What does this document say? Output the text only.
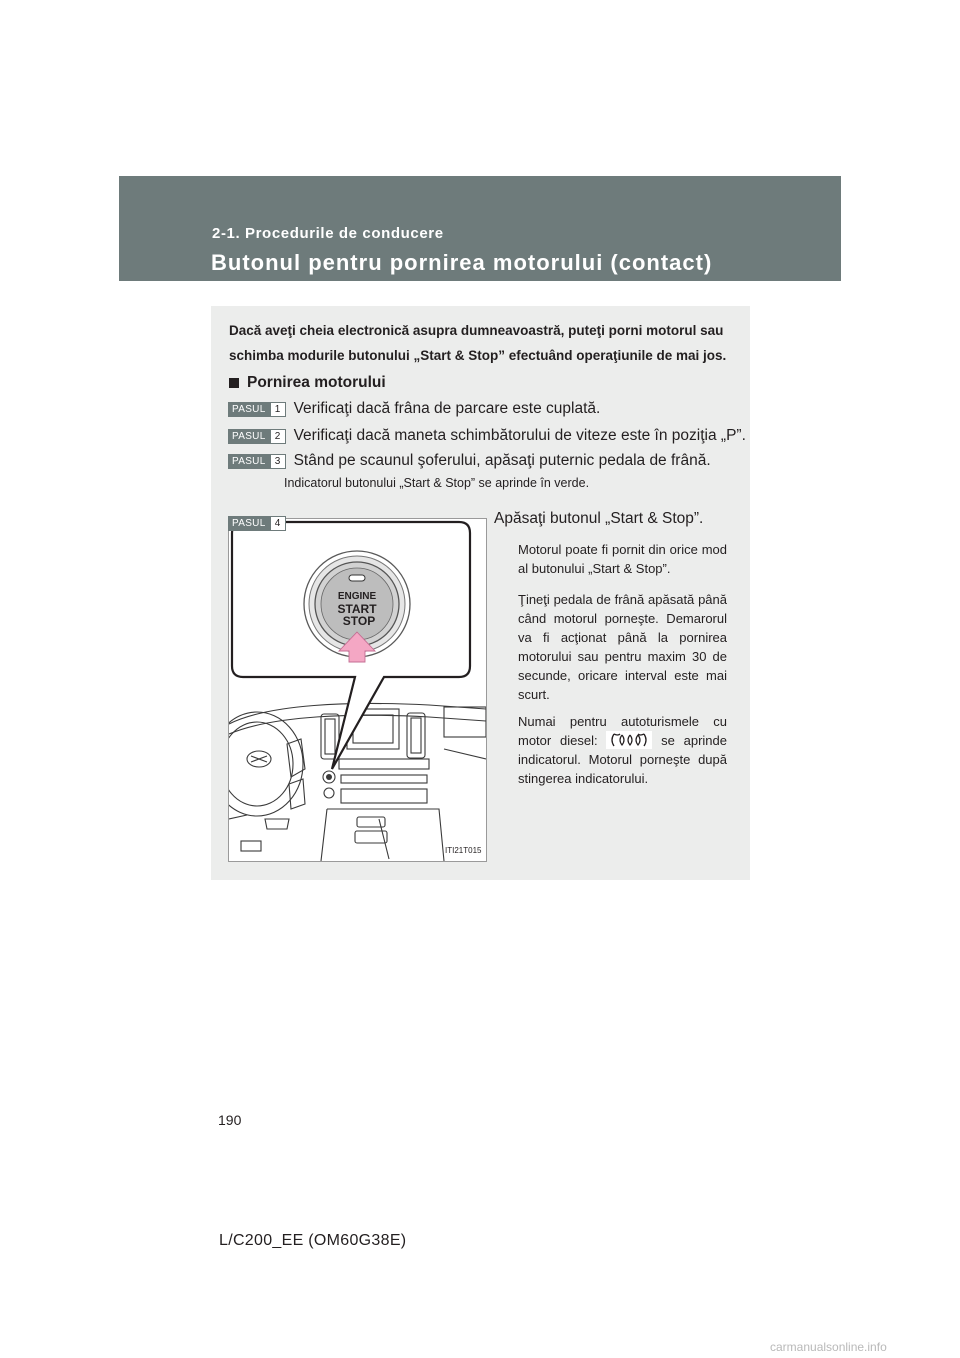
2-1. Procedurile de conducere
Butonul pentru pornirea motorului (contact)
Dacă aveţi cheia electronică asupra dumneavoastră, puteţi porni motorul sau schimba modurile butonului „Start & Stop” efectuând operaţiunile de mai jos.
Pornirea motorului
PASUL 1 Verificaţi dacă frâna de parcare este cuplată.
PASUL 2 Verificaţi dacă maneta schimbătorului de viteze este în poziţia „P”.
PASUL 3 Stând pe scaunul şoferului, apăsaţi puternic pedala de frână.
Indicatorul butonului „Start & Stop” se aprinde în verde.
ENGINE
START
STOP
ITI21T015
PASUL 4	Apăsaţi butonul „Start & Stop”.
Motorul poate fi pornit din orice mod al butonului „Start & Stop”.
Ţineţi pedala de frână apăsată până când motorul porneşte. Demarorul va fi acţionat până la pornirea motorului sau pentru maxim 30 de secunde, oricare interval este mai scurt.
Numai pentru autoturismele cu motor diesel:	se aprinde indicatorul. Motorul porneşte după stingerea indicatorului.
190
L/C200_EE (OM60G38E)
carmanualsonline.info
